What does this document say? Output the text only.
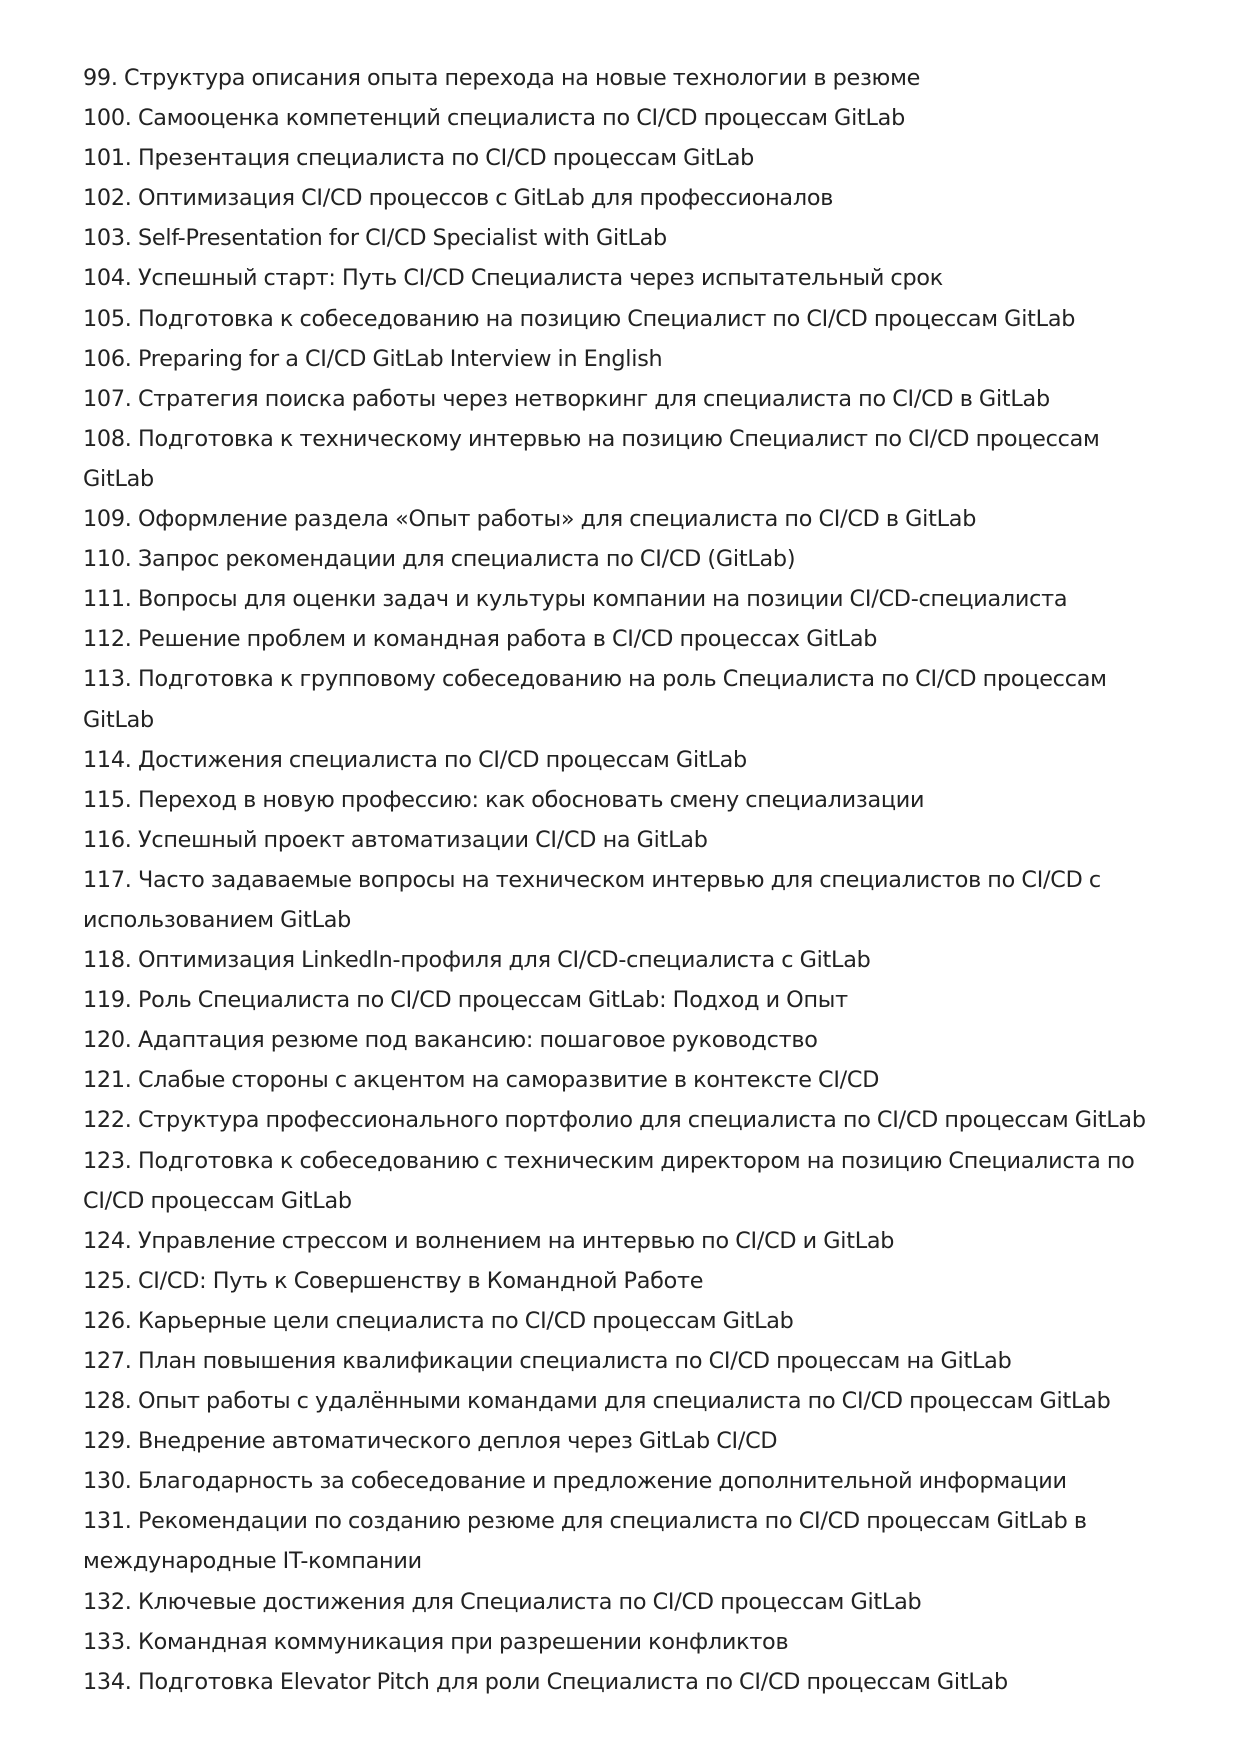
99. Структура описания опыта перехода на новые технологии в резюме
100. Самооценка компетенций специалиста по CI/CD процессам GitLab
101. Презентация специалиста по CI/CD процессам GitLab
102. Оптимизация CI/CD процессов с GitLab для профессионалов
103. Self-Presentation for CI/CD Specialist with GitLab
104. Успешный старт: Путь CI/CD Специалиста через испытательный срок
105. Подготовка к собеседованию на позицию Специалист по CI/CD процессам GitLab
106. Preparing for a CI/CD GitLab Interview in English
107. Стратегия поиска работы через нетворкинг для специалиста по CI/CD в GitLab
108. Подготовка к техническому интервью на позицию Специалист по CI/CD процессам GitLab
109. Оформление раздела «Опыт работы» для специалиста по CI/CD в GitLab
110. Запрос рекомендации для специалиста по CI/CD (GitLab)
111. Вопросы для оценки задач и культуры компании на позиции CI/CD-специалиста
112. Решение проблем и командная работа в CI/CD процессах GitLab
113. Подготовка к групповому собеседованию на роль Специалиста по CI/CD процессам GitLab
114. Достижения специалиста по CI/CD процессам GitLab
115. Переход в новую профессию: как обосновать смену специализации
116. Успешный проект автоматизации CI/CD на GitLab
117. Часто задаваемые вопросы на техническом интервью для специалистов по CI/CD с использованием GitLab
118. Оптимизация LinkedIn-профиля для CI/CD-специалиста с GitLab
119. Роль Специалиста по CI/CD процессам GitLab: Подход и Опыт
120. Адаптация резюме под вакансию: пошаговое руководство
121. Слабые стороны с акцентом на саморазвитие в контексте CI/CD
122. Структура профессионального портфолио для специалиста по CI/CD процессам GitLab
123. Подготовка к собеседованию с техническим директором на позицию Специалиста по CI/CD процессам GitLab
124. Управление стрессом и волнением на интервью по CI/CD и GitLab
125. CI/CD: Путь к Совершенству в Командной Работе
126. Карьерные цели специалиста по CI/CD процессам GitLab
127. План повышения квалификации специалиста по CI/CD процессам на GitLab
128. Опыт работы с удалёнными командами для специалиста по CI/CD процессам GitLab
129. Внедрение автоматического деплоя через GitLab CI/CD
130. Благодарность за собеседование и предложение дополнительной информации
131. Рекомендации по созданию резюме для специалиста по CI/CD процессам GitLab в международные IT-компании
132. Ключевые достижения для Специалиста по CI/CD процессам GitLab
133. Командная коммуникация при разрешении конфликтов
134. Подготовка Elevator Pitch для роли Специалиста по CI/CD процессам GitLab
